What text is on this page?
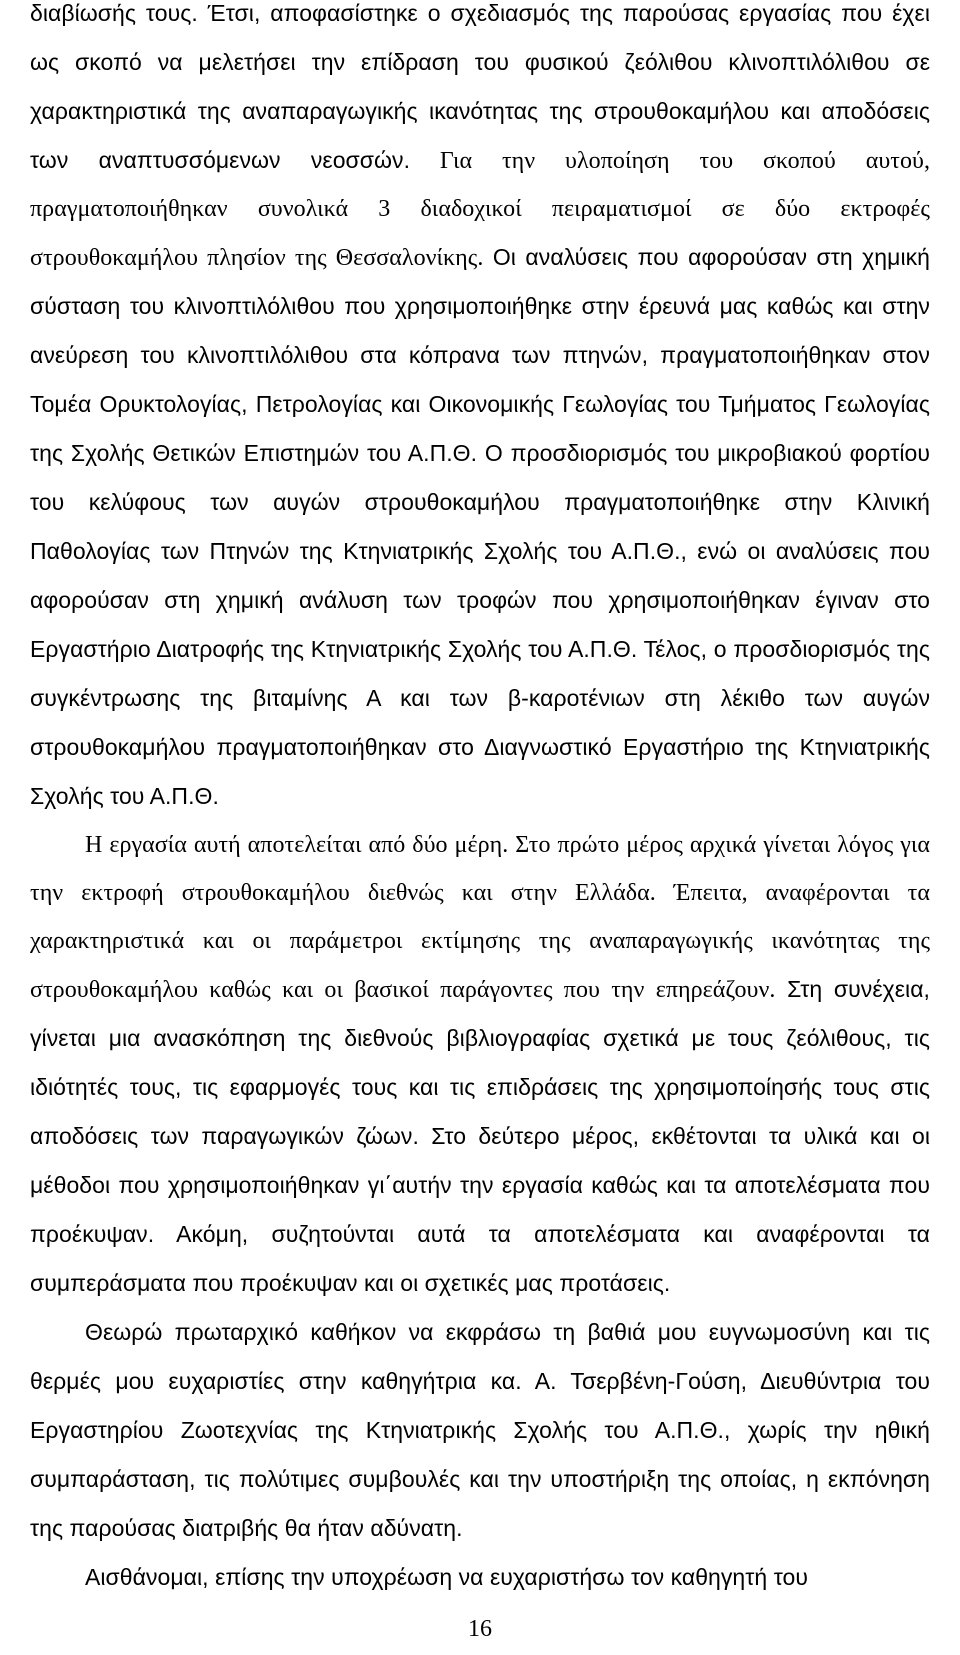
διαβίωσής τους. Έτσι, αποφασίστηκε ο σχεδιασμός της παρούσας εργασίας που έχει ως σκοπό να μελετήσει την επίδραση του φυσικού ζεόλιθου κλινοπτιλόλιθου σε χαρακτηριστικά της αναπαραγωγικής ικανότητας της στρουθοκαμήλου και αποδόσεις των αναπτυσσόμενων νεοσσών. Για την υλοποίηση του σκοπού αυτού, πραγματοποιήθηκαν συνολικά 3 διαδοχικοί πειραματισμοί σε δύο εκτροφές στρουθοκαμήλου πλησίον της Θεσσαλονίκης. Οι αναλύσεις που αφορούσαν στη χημική σύσταση του κλινοπτιλόλιθου που χρησιμοποιήθηκε στην έρευνά μας καθώς και στην ανεύρεση του κλινοπτιλόλιθου στα κόπρανα των πτηνών, πραγματοποιήθηκαν στον Τομέα Ορυκτολογίας, Πετρολογίας και Οικονομικής Γεωλογίας του Τμήματος Γεωλογίας της Σχολής Θετικών Επιστημών του Α.Π.Θ. Ο προσδιορισμός του μικροβιακού φορτίου του κελύφους των αυγών στρουθοκαμήλου πραγματοποιήθηκε στην Κλινική Παθολογίας των Πτηνών της Κτηνιατρικής Σχολής του Α.Π.Θ., ενώ οι αναλύσεις που αφορούσαν στη χημική ανάλυση των τροφών που χρησιμοποιήθηκαν έγιναν στο Εργαστήριο Διατροφής της Κτηνιατρικής Σχολής του Α.Π.Θ. Τέλος, ο προσδιορισμός της συγκέντρωσης της βιταμίνης Α και των β-καροτένιων στη λέκιθο των αυγών στρουθοκαμήλου πραγματοποιήθηκαν στο Διαγνωστικό Εργαστήριο της Κτηνιατρικής Σχολής του Α.Π.Θ.

Η εργασία αυτή αποτελείται από δύο μέρη. Στο πρώτο μέρος αρχικά γίνεται λόγος για την εκτροφή στρουθοκαμήλου διεθνώς και στην Ελλάδα. Έπειτα, αναφέρονται τα χαρακτηριστικά και οι παράμετροι εκτίμησης της αναπαραγωγικής ικανότητας της στρουθοκαμήλου καθώς και οι βασικοί παράγοντες που την επηρεάζουν. Στη συνέχεια, γίνεται μια ανασκόπηση της διεθνούς βιβλιογραφίας σχετικά με τους ζεόλιθους, τις ιδιότητές τους, τις εφαρμογές τους και τις επιδράσεις της χρησιμοποίησής τους στις αποδόσεις των παραγωγικών ζώων. Στο δεύτερο μέρος, εκθέτονται τα υλικά και οι μέθοδοι που χρησιμοποιήθηκαν γι΄αυτήν την εργασία καθώς και τα αποτελέσματα που προέκυψαν. Ακόμη, συζητούνται αυτά τα αποτελέσματα και αναφέρονται τα συμπεράσματα που προέκυψαν και οι σχετικές μας προτάσεις.

Θεωρώ πρωταρχικό καθήκον να εκφράσω τη βαθιά μου ευγνωμοσύνη και τις θερμές μου ευχαριστίες στην καθηγήτρια κα. Α. Τσερβένη-Γούση, Διευθύντρια του Εργαστηρίου Ζωοτεχνίας της Κτηνιατρικής Σχολής του Α.Π.Θ., χωρίς την ηθική συμπαράσταση, τις πολύτιμες συμβουλές και την υποστήριξη της οποίας, η εκπόνηση της παρούσας διατριβής θα ήταν αδύνατη.

Αισθάνομαι, επίσης την υποχρέωση να ευχαριστήσω τον καθηγητή του

16
